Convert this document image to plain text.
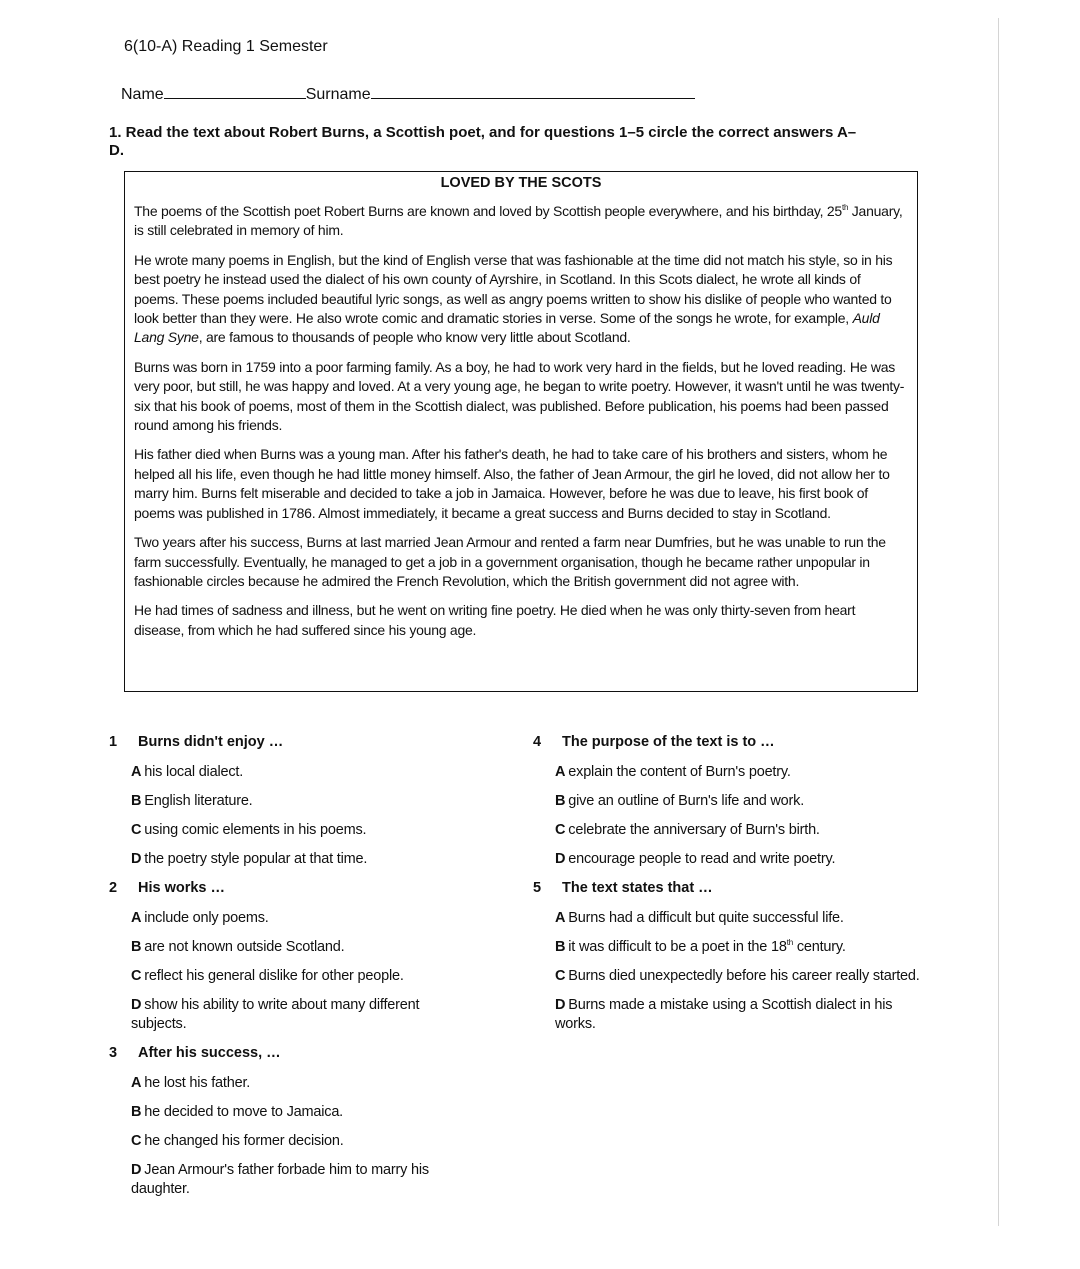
6(10-A) Reading 1 Semester
Name	Surname
1. Read the text about Robert Burns, a Scottish poet, and for questions 1–5 circle the correct answers A–D.
LOVED BY THE SCOTS

The poems of the Scottish poet Robert Burns are known and loved by Scottish people everywhere, and his birthday, 25th January, is still celebrated in memory of him.

He wrote many poems in English, but the kind of English verse that was fashionable at the time did not match his style, so in his best poetry he instead used the dialect of his own county of Ayrshire, in Scotland. In this Scots dialect, he wrote all kinds of poems. These poems included beautiful lyric songs, as well as angry poems written to show his dislike of people who wanted to look better than they were. He also wrote comic and dramatic stories in verse. Some of the songs he wrote, for example, Auld Lang Syne, are famous to thousands of people who know very little about Scotland.

Burns was born in 1759 into a poor farming family. As a boy, he had to work very hard in the fields, but he loved reading. He was very poor, but still, he was happy and loved. At a very young age, he began to write poetry. However, it wasn't until he was twenty-six that his book of poems, most of them in the Scottish dialect, was published. Before publication, his poems had been passed round among his friends.

His father died when Burns was a young man. After his father's death, he had to take care of his brothers and sisters, whom he helped all his life, even though he had little money himself. Also, the father of Jean Armour, the girl he loved, did not allow her to marry him. Burns felt miserable and decided to take a job in Jamaica. However, before he was due to leave, his first book of poems was published in 1786. Almost immediately, it became a great success and Burns decided to stay in Scotland.

Two years after his success, Burns at last married Jean Armour and rented a farm near Dumfries, but he was unable to run the farm successfully. Eventually, he managed to get a job in a government organisation, though he became rather unpopular in fashionable circles because he admired the French Revolution, which the British government did not agree with.

He had times of sadness and illness, but he went on writing fine poetry. He died when he was only thirty-seven from heart disease, from which he had suffered since his young age.

1	Burns didn't enjoy …
A his local dialect.
B English literature.
C using comic elements in his poems.
D the poetry style popular at that time.
2	His works …
A include only poems.
B are not known outside Scotland.
C reflect his general dislike for other people.
D show his ability to write about many different subjects.
3	After his success, …
A he lost his father.
B he decided to move to Jamaica.
C he changed his former decision.
D Jean Armour's father forbade him to marry his daughter.
4	The purpose of the text is to …
A explain the content of Burn's poetry.
B give an outline of Burn's life and work.
C celebrate the anniversary of Burn's birth.
D encourage people to read and write poetry.
5	The text states that …
A Burns had a difficult but quite successful life.
B it was difficult to be a poet in the 18th century.
C Burns died unexpectedly before his career really started.
D Burns made a mistake using a Scottish dialect in his works.
